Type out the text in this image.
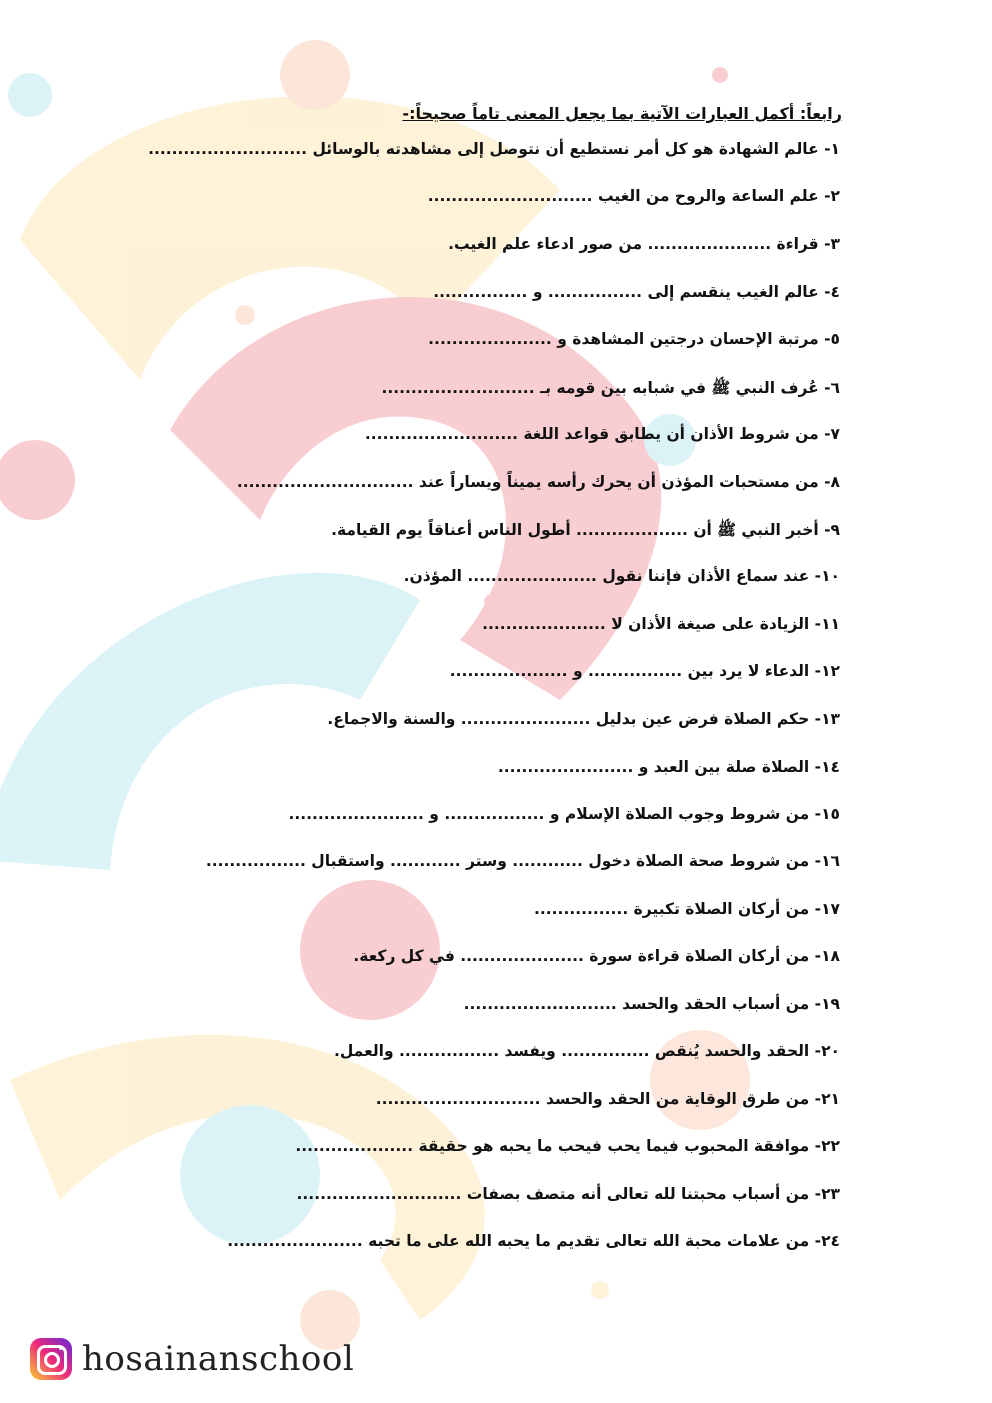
رابعاً: أكمل العبارات الآتية بما يجعل المعنى تاماً صحيحاً:-
١- عالم الشهادة هو كل أمر نستطيع أن نتوصل إلى مشاهدته بالوسائل ...........................
٢- علم الساعة والروح من الغيب ............................
٣- قراءة ..................... من صور ادعاء علم الغيب.
٤- عالم الغيب ينقسم إلى ................ و ................
٥- مرتبة الإحسان درجتين المشاهدة و .....................
٦- عُرف النبي ﷺ في شبابه بين قومه بـ ..........................
٧- من شروط الأذان أن يطابق قواعد اللغة ..........................
٨- من مستحبات المؤذن أن يحرك رأسه يميناً ويساراً عند ..............................
٩- أخبر النبي ﷺ أن ................... أطول الناس أعناقاً يوم القيامة.
١٠- عند سماع الأذان فإننا نقول ...................... المؤذن.
١١- الزيادة على صيغة الأذان لا .....................
١٢- الدعاء لا يرد بين ................ و ....................
١٣- حكم الصلاة فرض عين بدليل ...................... والسنة والاجماع.
١٤- الصلاة صلة بين العبد و .......................
١٥- من شروط وجوب الصلاة الإسلام و ................. و .......................
١٦- من شروط صحة الصلاة دخول ............ وستر ............ واستقبال .................
١٧- من أركان الصلاة تكبيرة ................
١٨- من أركان الصلاة قراءة سورة ..................... في كل ركعة.
١٩- من أسباب الحقد والحسد ..........................
٢٠- الحقد والحسد يُنقص ............... ويفسد ................. والعمل.
٢١- من طرق الوقاية من الحقد والحسد ............................
٢٢- موافقة المحبوب فيما يحب فيحب ما يحبه هو حقيقة ....................
٢٣- من أسباب محبتنا لله تعالى أنه متصف بصفات ............................
٢٤- من علامات محبة الله تعالى تقديم ما يحبه الله على ما تحبه .......................
hosainanschool
